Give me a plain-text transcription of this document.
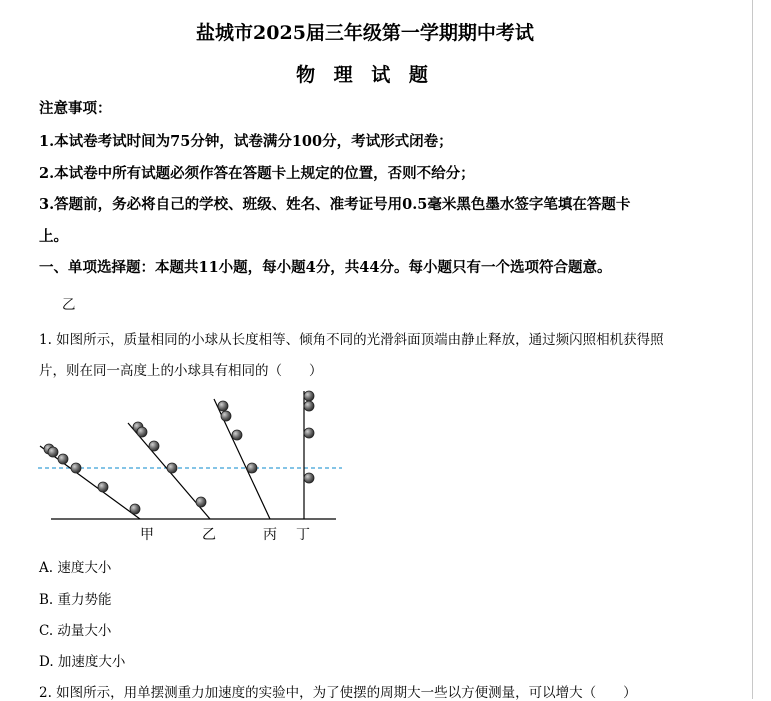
盐城市2025届三年级第一学期期中考试
物 理 试 题
注意事项：
1.本试卷考试时间为75分钟，试卷满分100分，考试形式闭卷；
2.本试卷中所有试题必须作答在答题卡上规定的位置，否则不给分；
3.答题前，务必将自己的学校、班级、姓名、准考证号用0.5毫米黑色墨水签字笔填在答题卡
上。
一、单项选择题：本题共11小题，每小题4分，共44分。每小题只有一个选项符合题意。
乙
1. 如图所示，质量相同的小球从长度相等、倾角不同的光滑斜面顶端由静止释放，通过频闪照相机获得照
片，则在同一高度上的小球具有相同的（　　）
甲	乙	丙 丁
A. 速度大小
B. 重力势能
C. 动量大小
D. 加速度大小
2. 如图所示，用单摆测重力加速度的实验中，为了使摆的周期大一些以方便测量，可以增大（　　）
